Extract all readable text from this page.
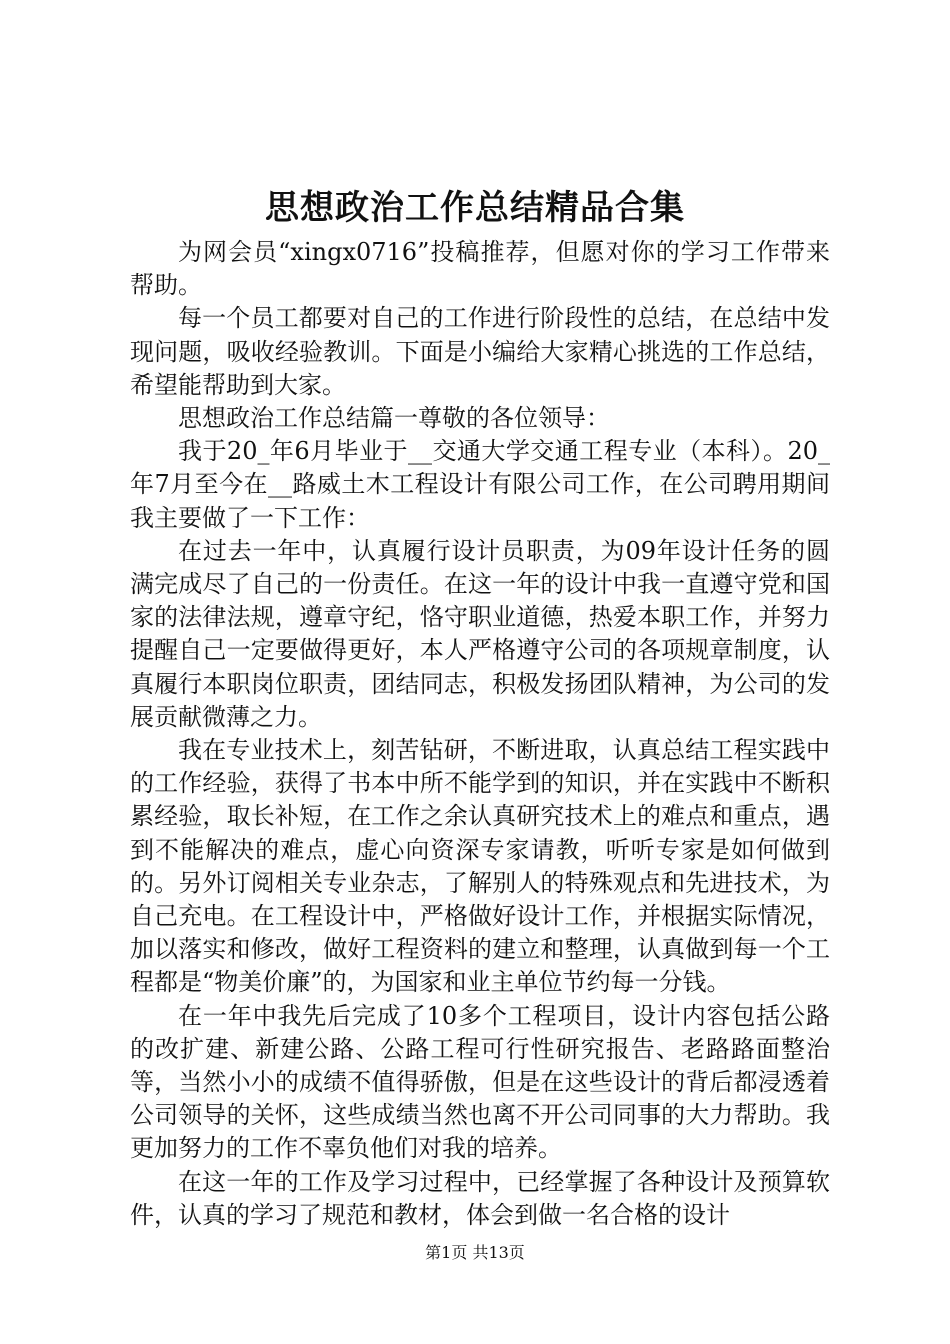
思想政治工作总结精品合集

为网会员“xingx0716”投稿推荐，但愿对你的学习工作带来帮助。

每一个员工都要对自己的工作进行阶段性的总结，在总结中发现问题，吸收经验教训。下面是小编给大家精心挑选的工作总结，希望能帮助到大家。

思想政治工作总结篇一尊敬的各位领导：

我于20_年6月毕业于__交通大学交通工程专业（本科）。20_年7月至今在__路威土木工程设计有限公司工作，在公司聘用期间我主要做了一下工作：

在过去一年中，认真履行设计员职责，为09年设计任务的圆满完成尽了自己的一份责任。在这一年的设计中我一直遵守党和国家的法律法规，遵章守纪，恪守职业道德，热爱本职工作，并努力提醒自己一定要做得更好，本人严格遵守公司的各项规章制度，认真履行本职岗位职责，团结同志，积极发扬团队精神，为公司的发展贡献微薄之力。

我在专业技术上，刻苦钻研，不断进取，认真总结工程实践中的工作经验，获得了书本中所不能学到的知识，并在实践中不断积累经验，取长补短，在工作之余认真研究技术上的难点和重点，遇到不能解决的难点，虚心向资深专家请教，听听专家是如何做到的。另外订阅相关专业杂志，了解别人的特殊观点和先进技术，为自己充电。在工程设计中，严格做好设计工作，并根据实际情况，加以落实和修改，做好工程资料的建立和整理，认真做到每一个工程都是“物美价廉”的，为国家和业主单位节约每一分钱。

在一年中我先后完成了10多个工程项目，设计内容包括公路的改扩建、新建公路、公路工程可行性研究报告、老路路面整治等，当然小小的成绩不值得骄傲，但是在这些设计的背后都浸透着公司领导的关怀，这些成绩当然也离不开公司同事的大力帮助。我更加努力的工作不辜负他们对我的培养。

在这一年的工作及学习过程中，已经掌握了各种设计及预算软件，认真的学习了规范和教材，体会到做一名合格的设计

第1页 共13页
